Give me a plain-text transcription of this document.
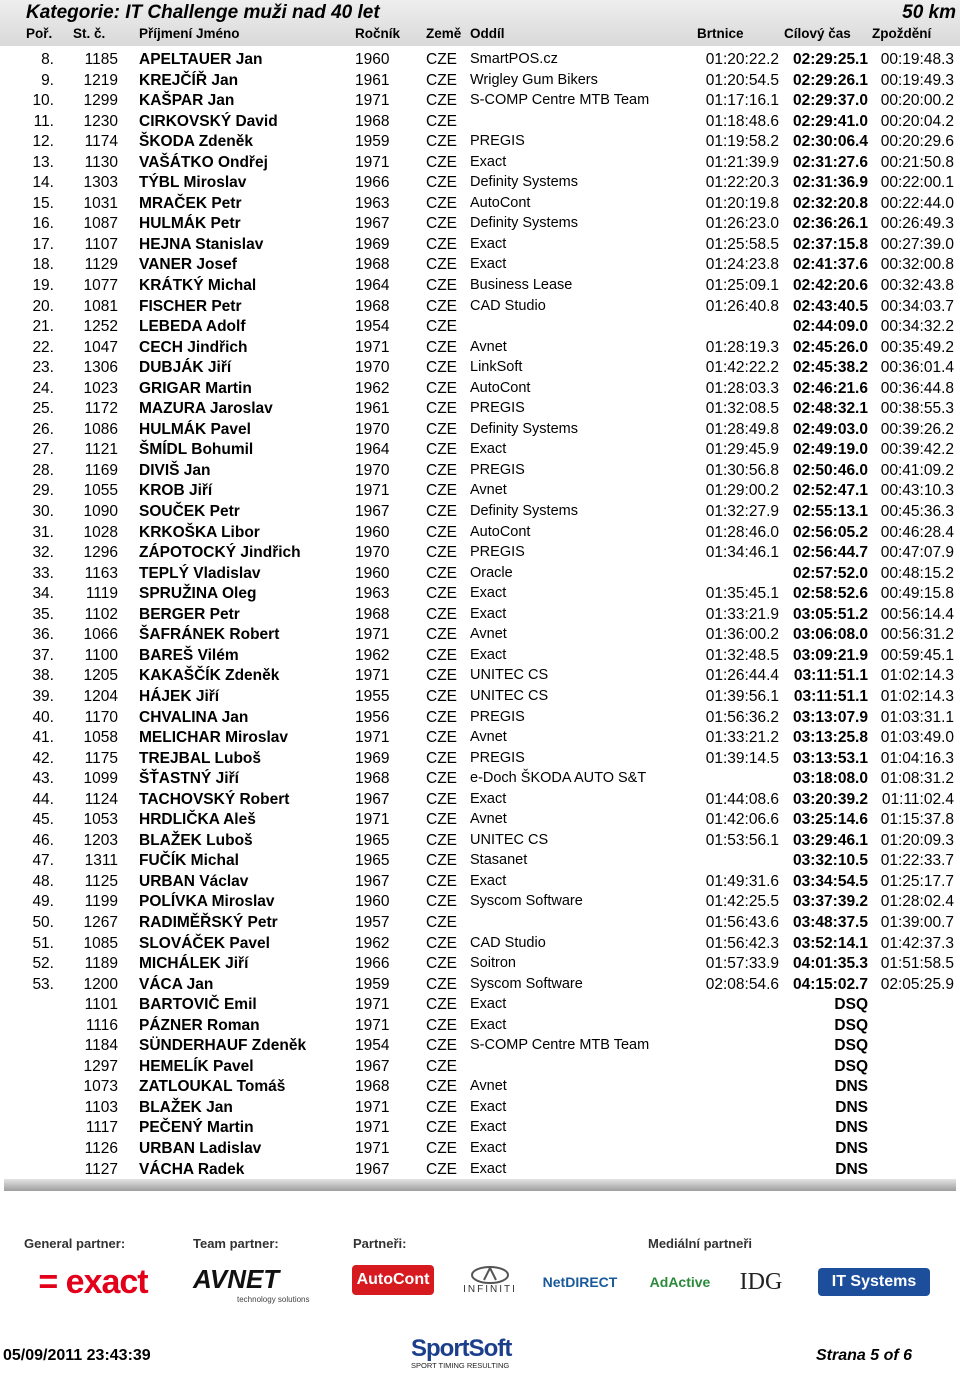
Kategorie: IT Challenge muži nad 40 let	50 km
Poř. St. č. Příjmení Jméno	Ročník Země Oddíl	Brtnice	Cílový čas Zpoždění
8. 1185 APELTAUER Jan	1960 CZE SmartPOS.cz	01:20:22.2 02:29:25.1 00:19:48.3
9. 1219 KREJČÍŘ Jan	1961 CZE Wrigley Gum Bikers	01:20:54.5 02:29:26.1 00:19:49.3
10. 1299 KAŠPAR Jan	1971 CZE S-COMP Centre MTB Team	01:17:16.1 02:29:37.0 00:20:00.2
11. 1230 CIRKOVSKÝ David	1968 CZE	01:18:48.6 02:29:41.0 00:20:04.2
12. 1174 ŠKODA Zdeněk	1959 CZE PREGIS	01:19:58.2 02:30:06.4 00:20:29.6
13. 1130 VAŠÁTKO Ondřej	1971 CZE Exact	01:21:39.9 02:31:27.6 00:21:50.8
14. 1303 TÝBL Miroslav	1966 CZE Definity Systems	01:22:20.3 02:31:36.9 00:22:00.1
15. 1031 MRAČEK Petr	1963 CZE AutoCont	01:20:19.8 02:32:20.8 00:22:44.0
16. 1087 HULMÁK Petr	1967 CZE Definity Systems	01:26:23.0 02:36:26.1 00:26:49.3
17. 1107 HEJNA Stanislav	1969 CZE Exact	01:25:58.5 02:37:15.8 00:27:39.0
18. 1129 VANER Josef	1968 CZE Exact	01:24:23.8 02:41:37.6 00:32:00.8
19. 1077 KRÁTKÝ Michal	1964 CZE Business Lease	01:25:09.1 02:42:20.6 00:32:43.8
20. 1081 FISCHER Petr	1968 CZE CAD Studio	01:26:40.8 02:43:40.5 00:34:03.7
21. 1252 LEBEDA Adolf	1954 CZE	02:44:09.0 00:34:32.2
22. 1047 CECH Jindřich	1971 CZE Avnet	01:28:19.3 02:45:26.0 00:35:49.2
23. 1306 DUBJÁK Jiří	1970 CZE LinkSoft	01:42:22.2 02:45:38.2 00:36:01.4
24. 1023 GRIGAR Martin	1962 CZE AutoCont	01:28:03.3 02:46:21.6 00:36:44.8
25. 1172 MAZURA Jaroslav	1961 CZE PREGIS	01:32:08.5 02:48:32.1 00:38:55.3
26. 1086 HULMÁK Pavel	1970 CZE Definity Systems	01:28:49.8 02:49:03.0 00:39:26.2
27. 1121 ŠMÍDL Bohumil	1964 CZE Exact	01:29:45.9 02:49:19.0 00:39:42.2
28. 1169 DIVIŠ Jan	1970 CZE PREGIS	01:30:56.8 02:50:46.0 00:41:09.2
29. 1055 KROB Jiří	1971 CZE Avnet	01:29:00.2 02:52:47.1 00:43:10.3
30. 1090 SOUČEK Petr	1967 CZE Definity Systems	01:32:27.9 02:55:13.1 00:45:36.3
31. 1028 KRKOŠKA Libor	1960 CZE AutoCont	01:28:46.0 02:56:05.2 00:46:28.4
32. 1296 ZÁPOTOCKÝ Jindřich	1970 CZE PREGIS	01:34:46.1 02:56:44.7 00:47:07.9
33. 1163 TEPLÝ Vladislav	1960 CZE Oracle	02:57:52.0 00:48:15.2
34. 1119 SPRUŽINA Oleg	1963 CZE Exact	01:35:45.1 02:58:52.6 00:49:15.8
35. 1102 BERGER Petr	1968 CZE Exact	01:33:21.9 03:05:51.2 00:56:14.4
36. 1066 ŠAFRÁNEK Robert	1971 CZE Avnet	01:36:00.2 03:06:08.0 00:56:31.2
37. 1100 BAREŠ Vilém	1962 CZE Exact	01:32:48.5 03:09:21.9 00:59:45.1
38. 1205 KAKAŠČÍK Zdeněk	1971 CZE UNITEC CS	01:26:44.4 03:11:51.1 01:02:14.3
39. 1204 HÁJEK Jiří	1955 CZE UNITEC CS	01:39:56.1 03:11:51.1 01:02:14.3
40. 1170 CHVALINA Jan	1956 CZE PREGIS	01:56:36.2 03:13:07.9 01:03:31.1
41. 1058 MELICHAR Miroslav	1971 CZE Avnet	01:33:21.2 03:13:25.8 01:03:49.0
42. 1175 TREJBAL Luboš	1969 CZE PREGIS	01:39:14.5 03:13:53.1 01:04:16.3
43. 1099 ŠŤASTNÝ Jiří	1968 CZE e-Doch ŠKODA AUTO S&T	03:18:08.0 01:08:31.2
44. 1124 TACHOVSKÝ Robert	1967 CZE Exact	01:44:08.6 03:20:39.2 01:11:02.4
45. 1053 HRDLIČKA Aleš	1971 CZE Avnet	01:42:06.6 03:25:14.6 01:15:37.8
46. 1203 BLAŽEK Luboš	1965 CZE UNITEC CS	01:53:56.1 03:29:46.1 01:20:09.3
47. 1311 FUČÍK Michal	1965 CZE Stasanet	03:32:10.5 01:22:33.7
48. 1125 URBAN Václav	1967 CZE Exact	01:49:31.6 03:34:54.5 01:25:17.7
49. 1199 POLÍVKA Miroslav	1960 CZE Syscom Software	01:42:25.5 03:37:39.2 01:28:02.4
50. 1267 RADIMĚŘSKÝ Petr	1957 CZE	01:56:43.6 03:48:37.5 01:39:00.7
51. 1085 SLOVÁČEK Pavel	1962 CZE CAD Studio	01:56:42.3 03:52:14.1 01:42:37.3
52. 1189 MICHÁLEK Jiří	1966 CZE Soitron	01:57:33.9 04:01:35.3 01:51:58.5
53. 1200 VÁCA Jan	1959 CZE Syscom Software	02:08:54.6 04:15:02.7 02:05:25.9
1101 BARTOVIČ Emil	1971 CZE Exact	DSQ
1116 PÁZNER Roman	1971 CZE Exact	DSQ
1184 SÜNDERHAUF Zdeněk	1954 CZE S-COMP Centre MTB Team	DSQ
1297 HEMELÍK Pavel	1967 CZE	DSQ
1073 ZATLOUKAL Tomáš	1968 CZE Avnet	DNS
1103 BLAŽEK Jan	1971 CZE Exact	DNS
1117 PEČENÝ Martin	1971 CZE Exact	DNS
1126 URBAN Ladislav	1971 CZE Exact	DNS
1127 VÁCHA Radek	1967 CZE Exact	DNS
General partner:	Team partner:	Partneři:	Mediální partneři
= exact	AVNET
technology solutions
AutoCont
INFINITI NetDIRECT AdActive	IDG	IT Systems
05/09/2011 23:43:39	SportSoft
SPORT TIMING RESULTING
Strana 5 of 6
